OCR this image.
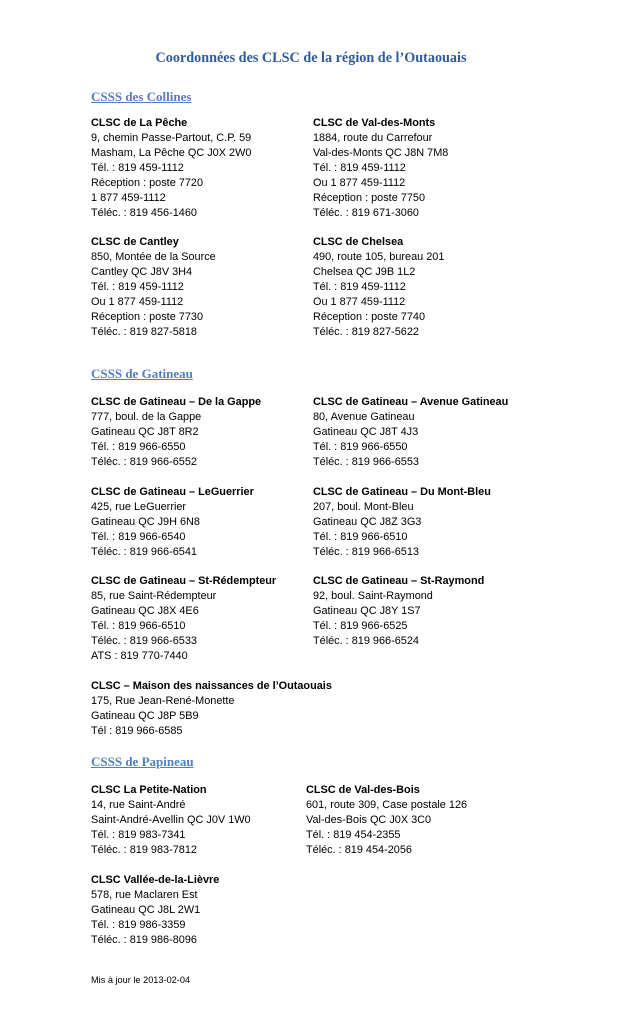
Coordonnées des CLSC de la région de l’Outaouais
CSSS des Collines
CLSC de La Pêche
9, chemin Passe-Partout, C.P. 59
Masham, La Pêche QC J0X 2W0
Tél. : 819 459-1112
Réception : poste 7720
1 877 459-1112
Téléc. : 819 456-1460
CLSC de Val-des-Monts
1884, route du Carrefour
Val-des-Monts QC J8N 7M8
Tél. : 819 459-1112
Ou 1 877 459-1112
Réception : poste 7750
Téléc. : 819 671-3060
CLSC de Cantley
850, Montée de la Source
Cantley QC J8V 3H4
Tél. : 819 459-1112
Ou 1 877 459-1112
Réception : poste 7730
Téléc. : 819 827-5818
CLSC de Chelsea
490, route 105, bureau 201
Chelsea QC J9B 1L2
Tél. : 819 459-1112
Ou 1 877 459-1112
Réception : poste 7740
Téléc. : 819 827-5622
CSSS de Gatineau
CLSC de Gatineau – De la Gappe
777, boul. de la Gappe
Gatineau QC J8T 8R2
Tél. : 819 966-6550
Téléc. : 819 966-6552
CLSC de Gatineau – Avenue Gatineau
80, Avenue Gatineau
Gatineau QC J8T 4J3
Tél. : 819 966-6550
Téléc. : 819 966-6553
CLSC de Gatineau – LeGuerrier
425, rue LeGuerrier
Gatineau QC J9H 6N8
Tél. : 819 966-6540
Téléc. : 819 966-6541
CLSC de Gatineau – Du Mont-Bleu
207, boul. Mont-Bleu
Gatineau QC J8Z 3G3
Tél. : 819 966-6510
Téléc. : 819 966-6513
CLSC de Gatineau – St-Rédempteur
85, rue Saint-Rédempteur
Gatineau QC J8X 4E6
Tél. : 819 966-6510
Téléc. : 819 966-6533
ATS : 819 770-7440
CLSC de Gatineau – St-Raymond
92, boul. Saint-Raymond
Gatineau QC J8Y 1S7
Tél. : 819 966-6525
Téléc. : 819 966-6524
CLSC – Maison des naissances de l’Outaouais
175, Rue Jean-René-Monette
Gatineau QC J8P 5B9
Tél : 819 966-6585
CSSS de Papineau
CLSC La Petite-Nation
14, rue Saint-André
Saint-André-Avellin QC J0V 1W0
Tél. : 819 983-7341
Téléc. : 819 983-7812
CLSC de Val-des-Bois
601, route 309, Case postale 126
Val-des-Bois QC J0X 3C0
Tél. : 819 454-2355
Téléc. : 819 454-2056
CLSC Vallée-de-la-Lièvre
578, rue Maclaren Est
Gatineau QC J8L 2W1
Tél. : 819 986-3359
Téléc. : 819 986-8096
Mis à jour le 2013-02-04
